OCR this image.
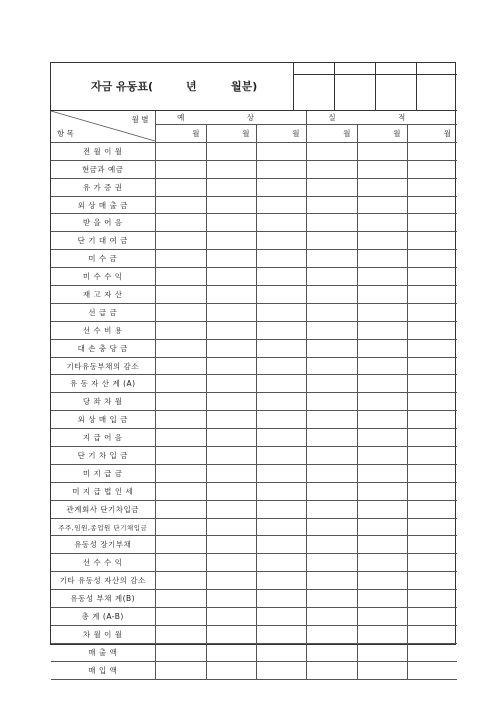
자금 유동표(	년	월분)
월 별
항 목	예 상			실 적		
	월	월	월	월	월	월
전 월 이 월						
현금과 예금						
유 가 증 권						
외 상 매 출 금						
받 을 어 음						
단 기 대 여 금						
미 수 금						
미 수 수 익						
재 고 자 산						
선 급 금						
선 수 비 용						
대 손 충 당 금						
기타유동부채의 감소						
유 동 자 산 계 (A)						
당 좌 차 월						
외 상 매 입 금						
지 급 어 음						
단 기 차 입 금						
미 지 급 금						
미 지 급 법 인 세						
관계회사 단기차입금						
주주,임원,종업원 단기채입금						
유동성 장기부채						
선 수 수 익						
기타 유동성 자산의 감소						
유동성 부채 계(B)						
총 계 (A-B)						
차 월 이 월						
매 출 액						
매 입 액						
